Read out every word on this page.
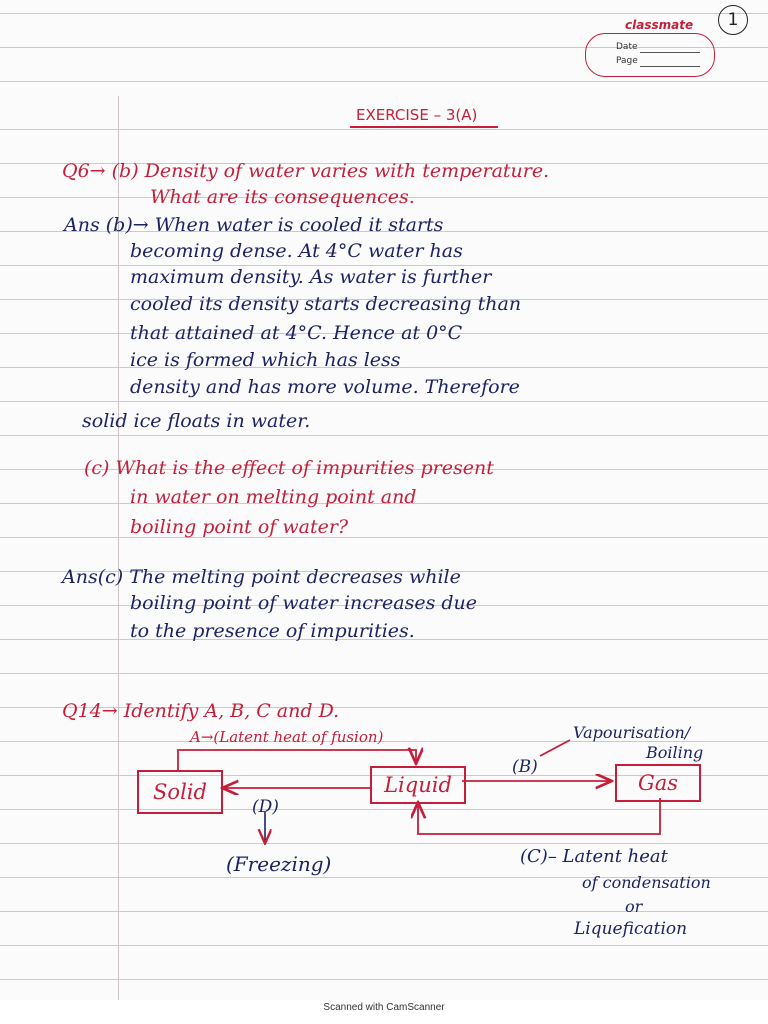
classmate	1
Date
Page

EXERCISE – 3(A)

Q6→ (b) Density of water varies with temperature.

What are its consequences.

Ans (b)→ When water is cooled it starts

becoming dense. At 4°C water has

maximum density. As water is further

cooled its density starts decreasing than

that attained at 4°C. Hence at 0°C

ice is formed which has less

density and has more volume. Therefore

solid ice floats in water.

(c) What is the effect of impurities present

in water on melting point and

boiling point of water?

Ans(c) The melting point decreases while

boiling point of water increases due

to the presence of impurities.

Q14→ Identify A, B, C and D.

A→(Latent heat of fusion)

Solid	Liquid	Gas

(B)

Vapourisation/

Boiling

(D)

(Freezing)	(C)– Latent heat

of condensation

or

Liquefication

Scanned with CamScanner
